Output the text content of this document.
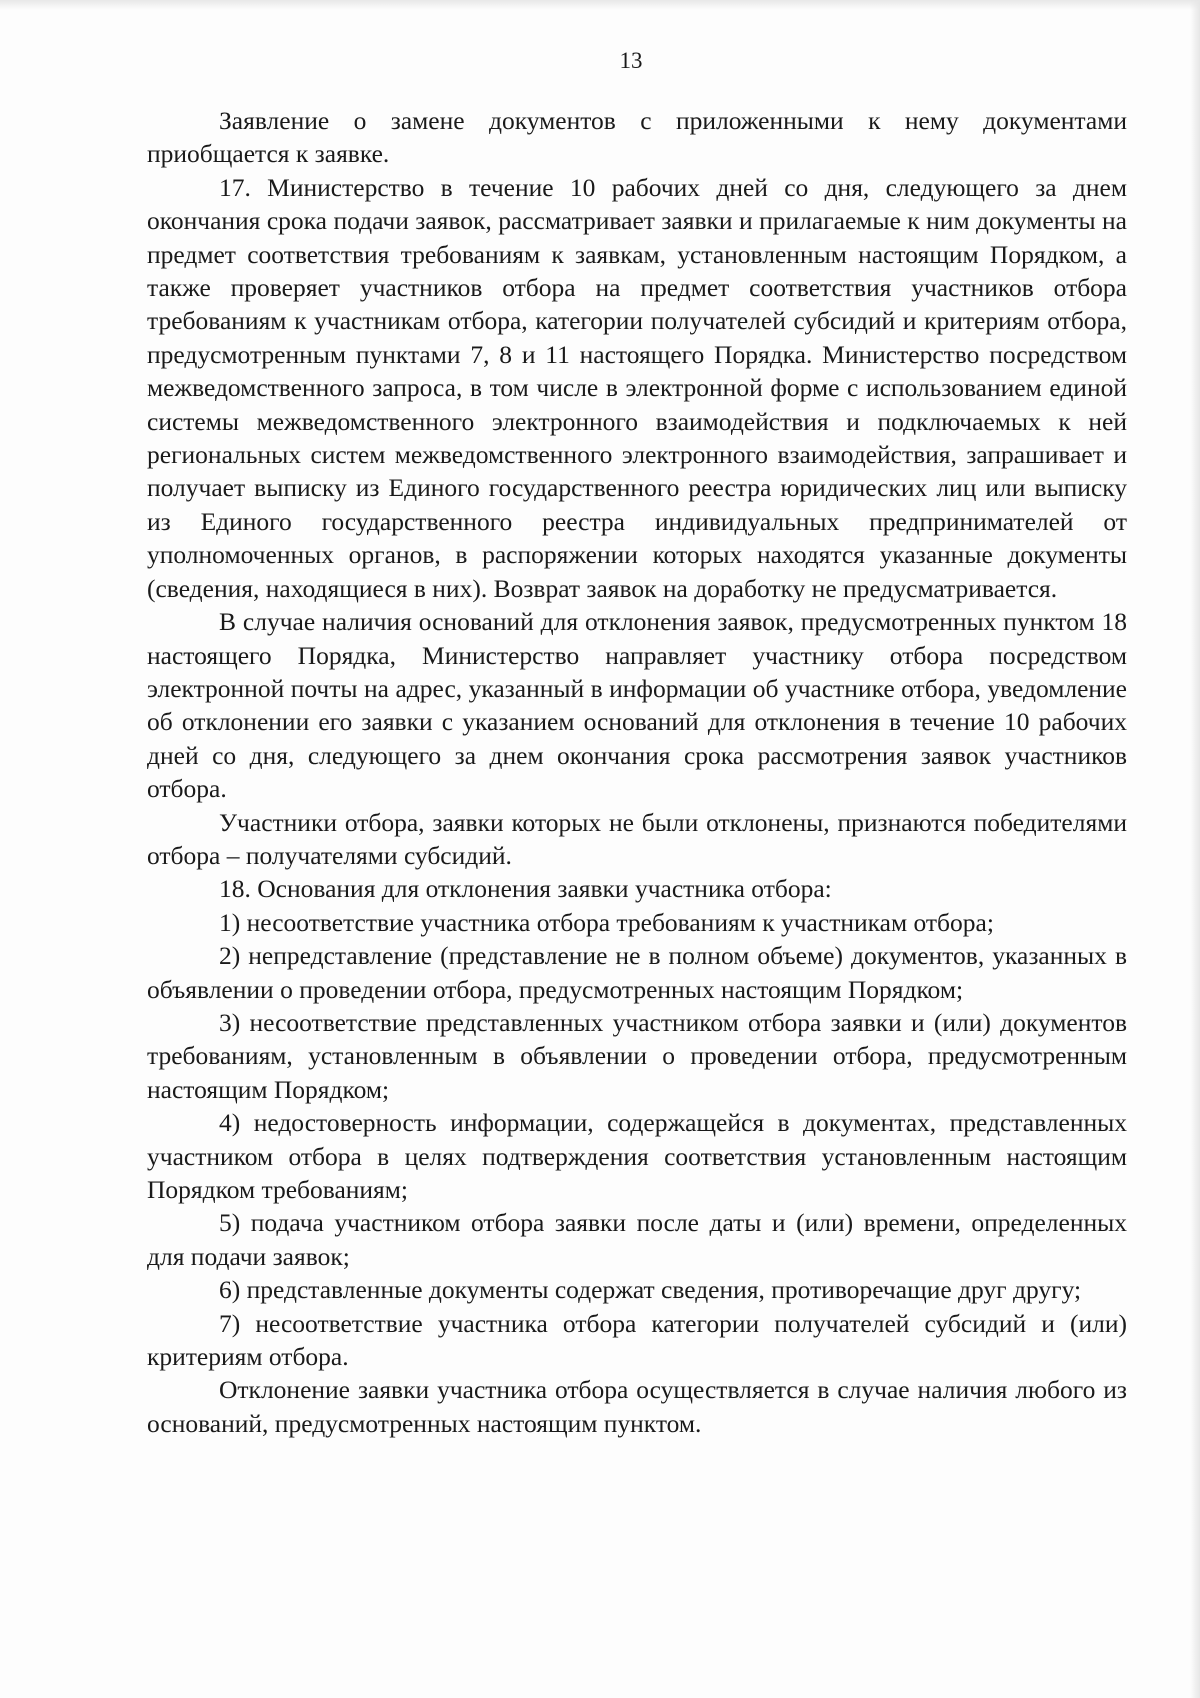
13

Заявление о замене документов с приложенными к нему документами приобщается к заявке.

17. Министерство в течение 10 рабочих дней со дня, следующего за днем окончания срока подачи заявок, рассматривает заявки и прилагаемые к ним документы на предмет соответствия требованиям к заявкам, установленным настоящим Порядком, а также проверяет участников отбора на предмет соответствия участников отбора требованиям к участникам отбора, категории получателей субсидий и критериям отбора, предусмотренным пунктами 7, 8 и 11 настоящего Порядка. Министерство посредством межведомственного запроса, в том числе в электронной форме с использованием единой системы межведомственного электронного взаимодействия и подключаемых к ней региональных систем межведомственного электронного взаимодействия, запрашивает и получает выписку из Единого государственного реестра юридических лиц или выписку из Единого государственного реестра индивидуальных предпринимателей от уполномоченных органов, в распоряжении которых находятся указанные документы (сведения, находящиеся в них). Возврат заявок на доработку не предусматривается.

В случае наличия оснований для отклонения заявок, предусмотренных пунктом 18 настоящего Порядка, Министерство направляет участнику отбора посредством электронной почты на адрес, указанный в информации об участнике отбора, уведомление об отклонении его заявки с указанием оснований для отклонения в течение 10 рабочих дней со дня, следующего за днем окончания срока рассмотрения заявок участников отбора.

Участники отбора, заявки которых не были отклонены, признаются победителями отбора – получателями субсидий.

18. Основания для отклонения заявки участника отбора:

1) несоответствие участника отбора требованиям к участникам отбора;

2) непредставление (представление не в полном объеме) документов, указанных в объявлении о проведении отбора, предусмотренных настоящим Порядком;

3) несоответствие представленных участником отбора заявки и (или) документов требованиям, установленным в объявлении о проведении отбора, предусмотренным настоящим Порядком;

4) недостоверность информации, содержащейся в документах, представленных участником отбора в целях подтверждения соответствия установленным настоящим Порядком требованиям;

5) подача участником отбора заявки после даты и (или) времени, определенных для подачи заявок;

6) представленные документы содержат сведения, противоречащие друг другу;

7) несоответствие участника отбора категории получателей субсидий и (или) критериям отбора.

Отклонение заявки участника отбора осуществляется в случае наличия любого из оснований, предусмотренных настоящим пунктом.
